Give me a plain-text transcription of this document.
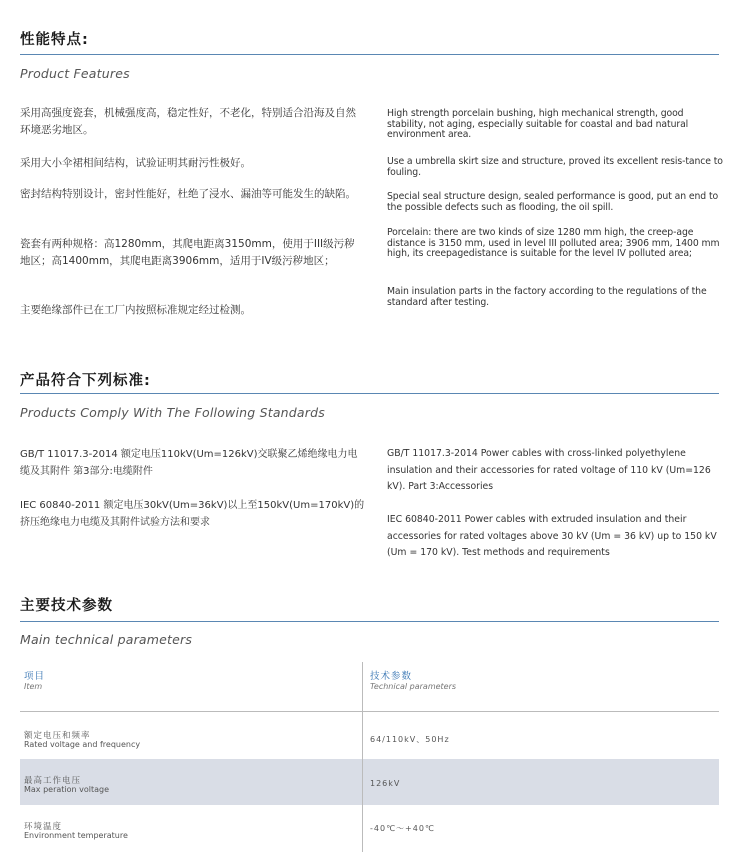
性能特点:
Product Features
采用高强度瓷套，机械强度高，稳定性好，不老化，特别适合沿海及自然环境恶劣地区。
采用大小伞裙相间结构，试验证明其耐污性极好。
密封结构特别设计，密封性能好，杜绝了浸水、漏油等可能发生的缺陷。
瓷套有两种规格：高1280mm，其爬电距离3150mm，使用于III级污秽地区；高1400mm，其爬电距离3906mm，适用于IV级污秽地区；
主要绝缘部件已在工厂内按照标准规定经过检测。
High strength porcelain bushing, high mechanical strength, good stability, not aging, especially suitable for coastal and bad natural environment area.
Use a umbrella skirt size and structure, proved its excellent resis-tance to fouling.
Special seal structure design, sealed performance is good, put an end to the possible defects such as flooding, the oil spill.
Porcelain: there are two kinds of size 1280 mm high, the creep-age distance is 3150 mm, used in level III polluted area; 3906 mm, 1400 mm high, its creepagedistance is suitable for the level IV polluted area;
Main insulation parts in the factory according to the regulations of the standard after testing.
产品符合下列标准:
Products Comply With The Following Standards
GB/T 11017.3-2014 额定电压110kV(Um=126kV)交联聚乙烯绝缘电力电缆及其附件 第3部分:电缆附件
IEC 60840-2011 额定电压30kV(Um=36kV)以上至150kV(Um=170kV)的挤压绝缘电力电缆及其附件试验方法和要求
GB/T 11017.3-2014 Power cables with cross-linked polyethylene insulation and their accessories for rated voltage of 110 kV (Um=126 kV). Part 3:Accessories
IEC 60840-2011 Power cables with extruded insulation and their accessories for rated voltages above 30 kV (Um = 36 kV) up to 150 kV (Um = 170 kV). Test methods and requirements
主要技术参数
Main technical parameters
项目
Item
技术参数
Technical parameters
额定电压和频率
Rated voltage and frequency
64/110kV、50Hz
最高工作电压
Max peration voltage
126kV
环境温度
Environment temperature
-40℃～+40℃
